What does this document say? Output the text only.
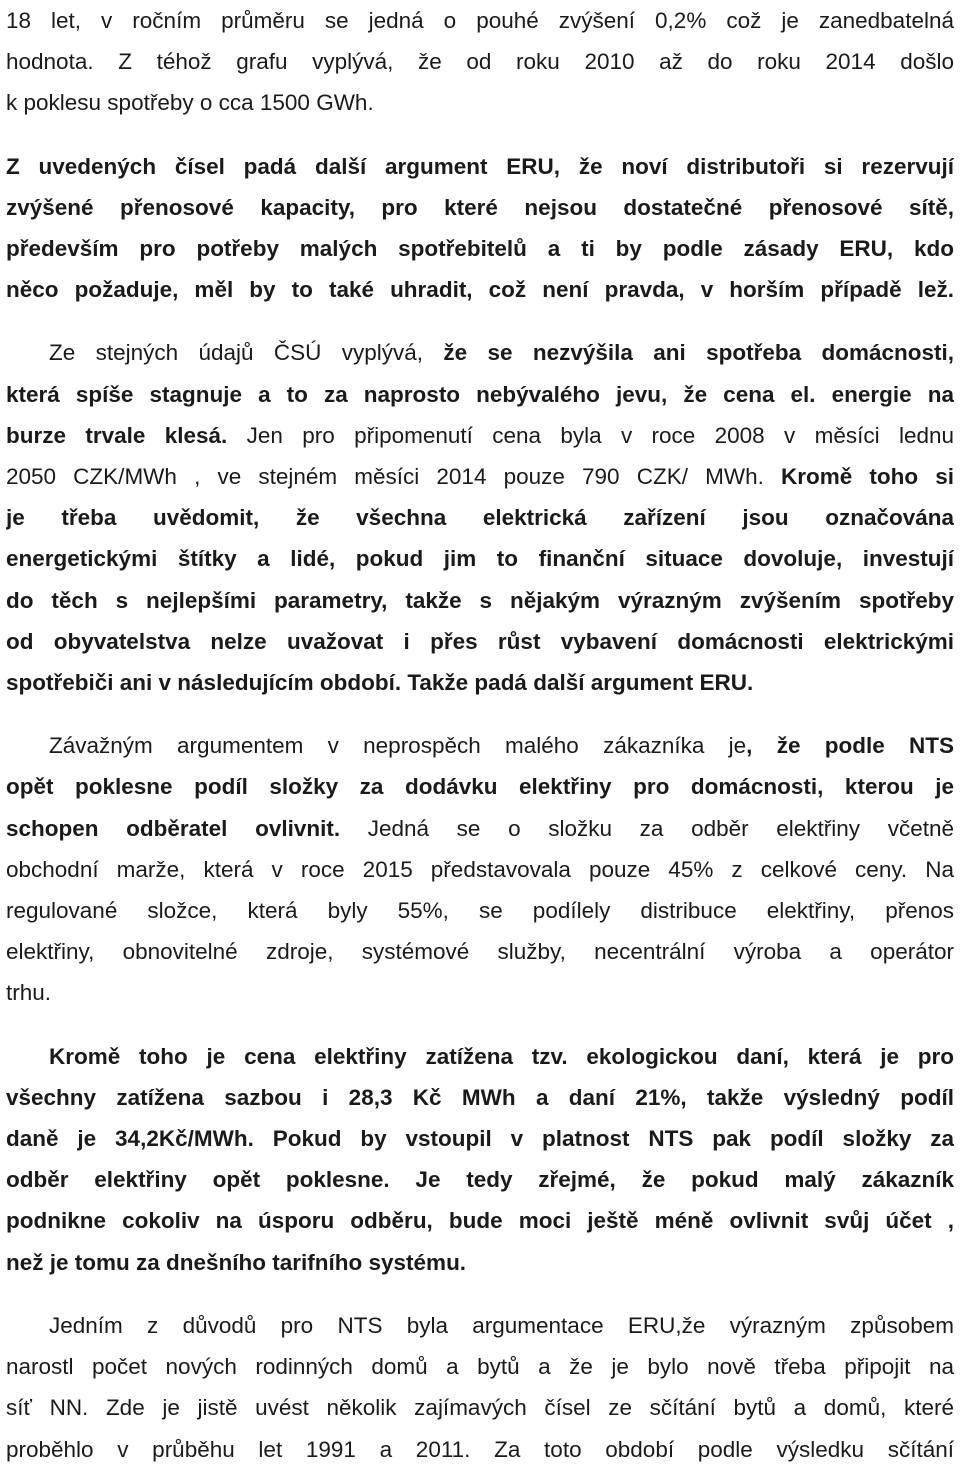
18 let, v ročním průměru se jedná o pouhé zvýšení 0,2% což je zanedbatelná

hodnota. Z téhož grafu vyplývá, že od roku 2010 až do roku 2014 došlo

k poklesu spotřeby o cca 1500 GWh.

Z uvedených čísel padá další argument ERU, že noví distributoři si rezervují

zvýšené přenosové kapacity, pro které nejsou dostatečné přenosové sítě,

především pro potřeby malých spotřebitelů a ti by podle zásady ERU, kdo

něco požaduje, měl by to také uhradit, což není pravda, v horším případě lež.

Ze stejných údajů ČSÚ vyplývá, že se nezvýšila ani spotřeba domácnosti,

která spíše stagnuje a to za naprosto nebývalého jevu, že cena el. energie na

burze trvale klesá. Jen pro připomenutí cena byla v roce 2008 v měsíci lednu

2050 CZK/MWh , ve stejném měsíci 2014 pouze 790 CZK/ MWh. Kromě toho si

je třeba uvědomit, že všechna elektrická zařízení jsou označována

energetickými štítky a lidé, pokud jim to finanční situace dovoluje, investují

do těch s nejlepšími parametry, takže s nějakým výrazným zvýšením spotřeby

od obyvatelstva nelze uvažovat i přes růst vybavení domácnosti elektrickými

spotřebiči ani v následujícím období. Takže padá další argument ERU.

Závažným argumentem v neprospěch malého zákazníka je, že podle NTS

opět poklesne podíl složky za dodávku elektřiny pro domácnosti, kterou je

schopen odběratel ovlivnit. Jedná se o složku za odběr elektřiny včetně

obchodní marže, která v roce 2015 představovala pouze 45% z celkové ceny. Na

regulované složce, která byly 55%, se podílely distribuce elektřiny, přenos

elektřiny, obnovitelné zdroje, systémové služby, necentrální výroba a operátor

trhu.

Kromě toho je cena elektřiny zatížena tzv. ekologickou daní, která je pro

všechny zatížena sazbou i 28,3 Kč MWh a daní 21%, takže výsledný podíl

daně je 34,2Kč/MWh. Pokud by vstoupil v platnost NTS pak podíl složky za

odběr elektřiny opět poklesne. Je tedy zřejmé, že pokud malý zákazník

podnikne cokoliv na úsporu odběru, bude moci ještě méně ovlivnit svůj účet ,

než je tomu za dnešního tarifního systému.

Jedním z důvodů pro NTS byla argumentace ERU,že výrazným způsobem

narostl počet nových rodinných domů a bytů a že je bylo nově třeba připojit na

síť NN. Zde je jistě uvést několik zajímavých čísel ze sčítání bytů a domů, které

proběhlo v průběhu let 1991 a 2011. Za toto období podle výsledku sčítání
